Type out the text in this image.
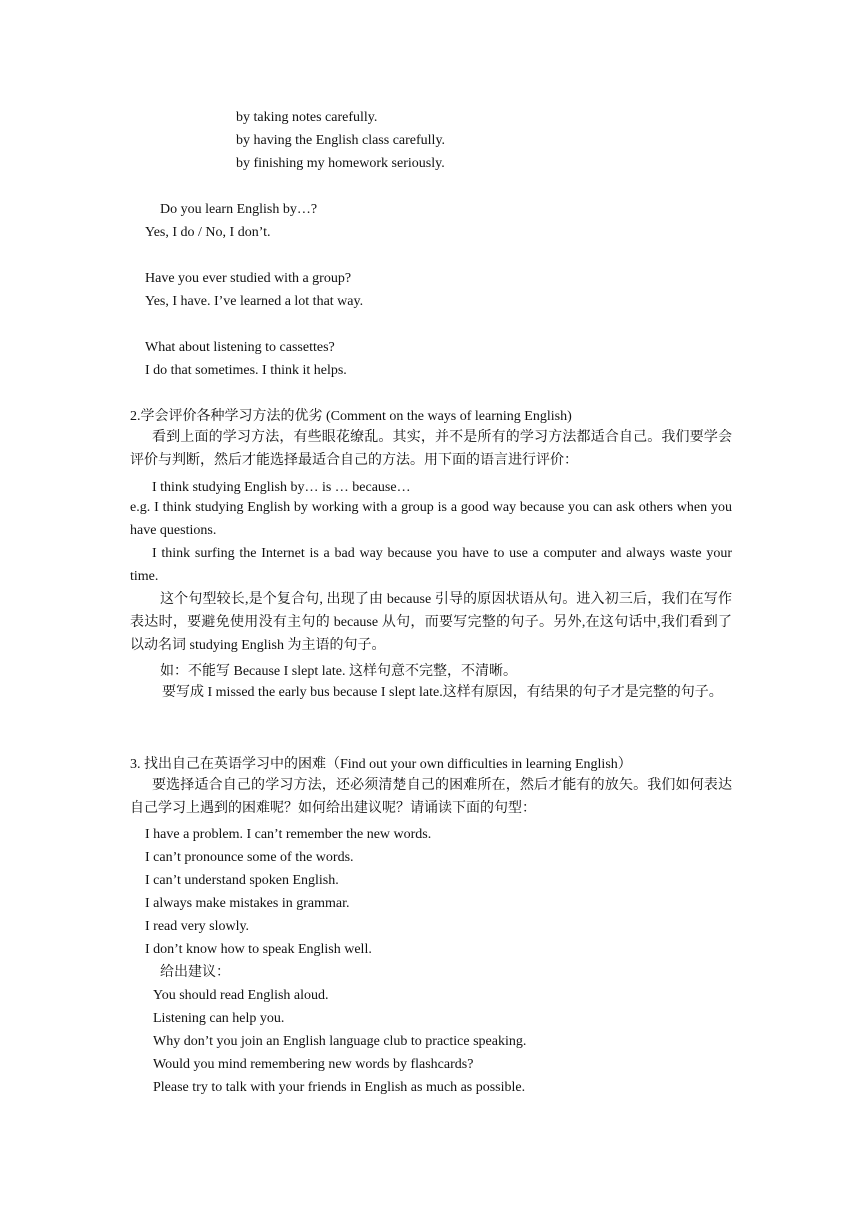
by taking notes carefully.
by having the English class carefully.
by finishing my homework seriously.
Do you learn English by…?
Yes, I do / No, I don’t.
Have you ever studied with a group?
Yes, I have. I’ve learned a lot that way.
What about listening to cassettes?
I do that sometimes. I think it helps.
2.学会评价各种学习方法的优劣 (Comment on the ways of learning English)
看到上面的学习方法，有些眼花缭乱。其实，并不是所有的学习方法都适合自己。我们要学会评价与判断，然后才能选择最适合自己的方法。用下面的语言进行评价：
I think studying English by… is … because…
e.g. I think studying English by working with a group is a good way because you can ask others when you have questions.
I think surfing the Internet is a bad way because you have to use a computer and always waste your time.
这个句型较长,是个复合句, 出现了由 because 引导的原因状语从句。进入初三后，我们在写作表达时，要避免使用没有主句的 because 从句，而要写完整的句子。另外,在这句话中,我们看到了以动名词 studying English 为主语的句子。
如：不能写 Because I slept late. 这样句意不完整，不清晰。
要写成 I missed the early bus because I slept late.这样有原因，有结果的句子才是完整的句子。
3. 找出自己在英语学习中的困难（Find out your own difficulties in learning English）
要选择适合自己的学习方法，还必须清楚自己的困难所在，然后才能有的放矢。我们如何表达自己学习上遇到的困难呢？如何给出建议呢？请诵读下面的句型：
I have a problem. I can’t remember the new words.
I can’t pronounce some of the words.
I can’t understand spoken English.
I always make mistakes in grammar.
I read very slowly.
I don’t know how to speak English well.
给出建议：
You should read English aloud.
Listening can help you.
Why don’t you join an English language club to practice speaking.
Would you mind remembering new words by flashcards?
Please try to talk with your friends in English as much as possible.
